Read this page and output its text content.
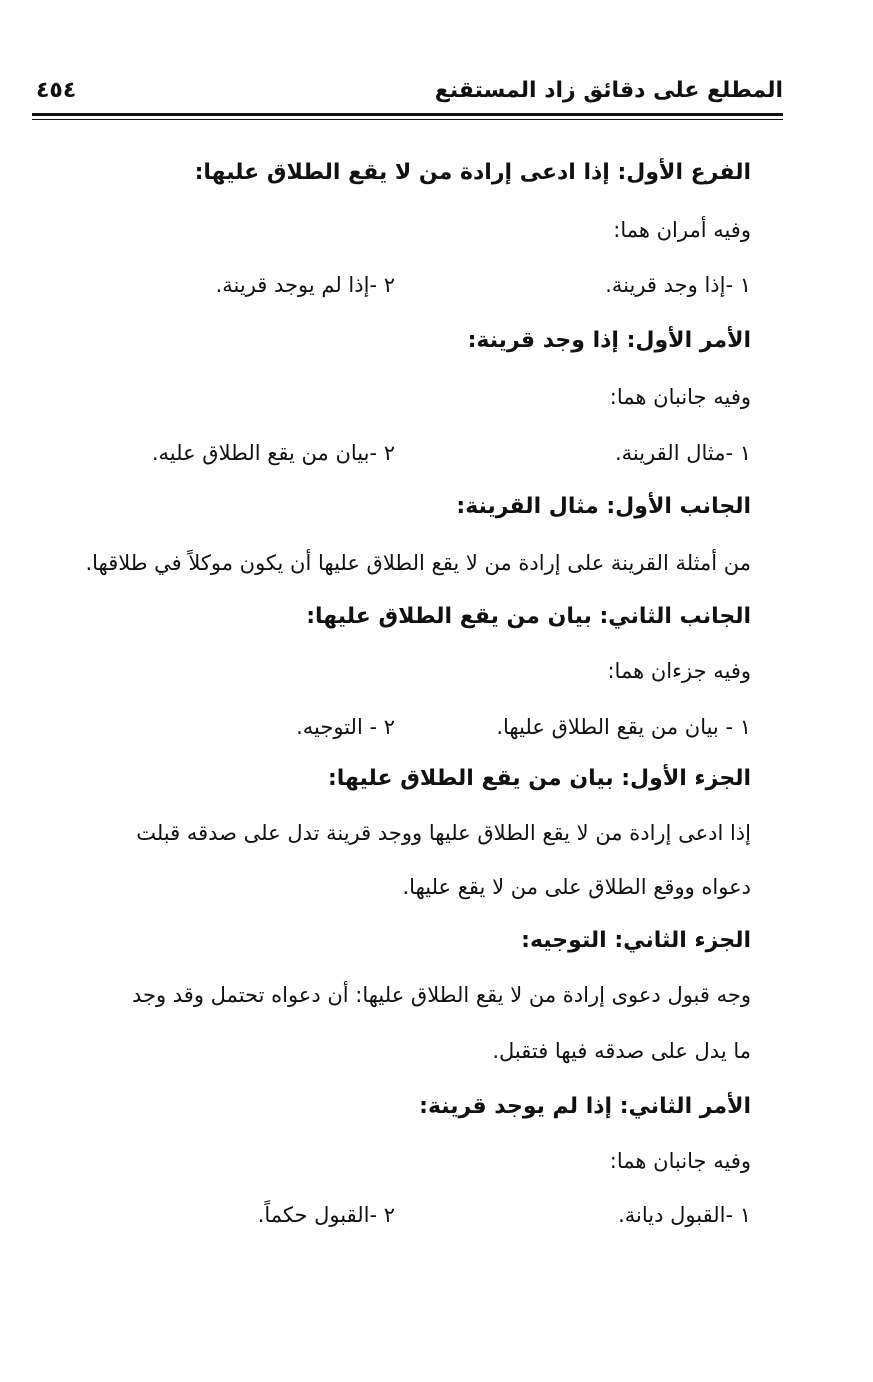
المطلع على دقائق زاد المستقنع
٤٥٤
الفرع الأول: إذا ادعى إرادة من لا يقع الطلاق عليها:
وفيه أمران هما:
١ -إذا وجد قرينة.
٢ -إذا لم يوجد قرينة.
الأمر الأول: إذا وجد قرينة:
وفيه جانبان هما:
١ -مثال القرينة.
٢ -بيان من يقع الطلاق عليه.
الجانب الأول: مثال القرينة:
من أمثلة القرينة على إرادة من لا يقع الطلاق عليها أن يكون موكلاً في طلاقها.
الجانب الثاني: بيان من يقع الطلاق عليها:
وفيه جزءان هما:
١ - بيان من يقع الطلاق عليها.
٢ - التوجيه.
الجزء الأول: بيان من يقع الطلاق عليها:
إذا ادعى إرادة من لا يقع الطلاق عليها ووجد قرينة تدل على صدقه قبلت
دعواه ووقع الطلاق على من لا يقع عليها.
الجزء الثاني: التوجيه:
وجه قبول دعوى إرادة من لا يقع الطلاق عليها: أن دعواه تحتمل وقد وجد
ما يدل على صدقه فيها فتقبل.
الأمر الثاني: إذا لم يوجد قرينة:
وفيه جانبان هما:
١ -القبول ديانة.
٢ -القبول حكماً.
